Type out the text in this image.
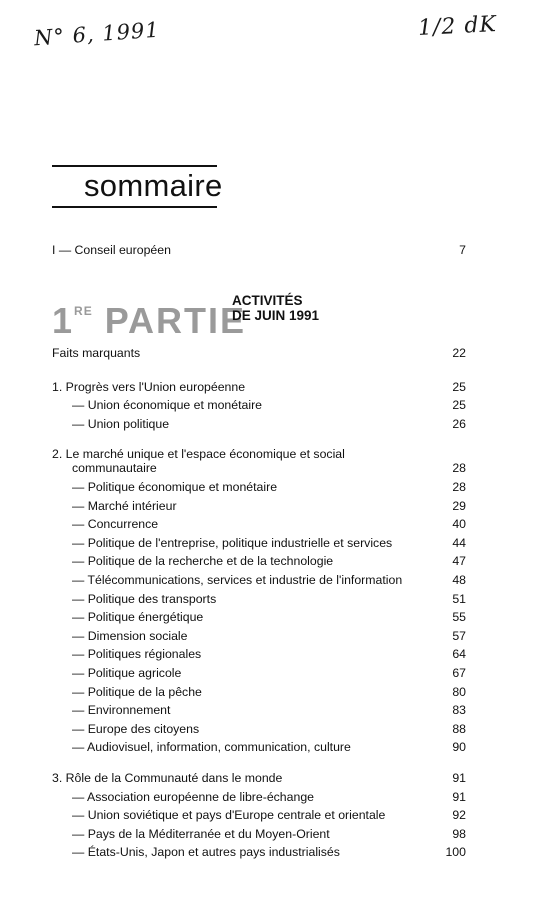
N° 6, 1991	1/2 dK
sommaire
I — Conseil européen	7
1RE PARTIE
ACTIVITÉS
DE JUIN 1991
Faits marquants	22
1. Progrès vers l'Union européenne	25
— Union économique et monétaire	25
— Union politique	26
2. Le marché unique et l'espace économique et social
communautaire	28
— Politique économique et monétaire	28
— Marché intérieur	29
— Concurrence	40
— Politique de l'entreprise, politique industrielle et services	44
— Politique de la recherche et de la technologie	47
— Télécommunications, services et industrie de l'information	48
— Politique des transports	51
— Politique énergétique	55
— Dimension sociale	57
— Politiques régionales	64
— Politique agricole	67
— Politique de la pêche	80
— Environnement	83
— Europe des citoyens	88
— Audiovisuel, information, communication, culture	90
3. Rôle de la Communauté dans le monde	91
— Association européenne de libre-échange	91
— Union soviétique et pays d'Europe centrale et orientale	92
— Pays de la Méditerranée et du Moyen-Orient	98
— États-Unis, Japon et autres pays industrialisés	100
